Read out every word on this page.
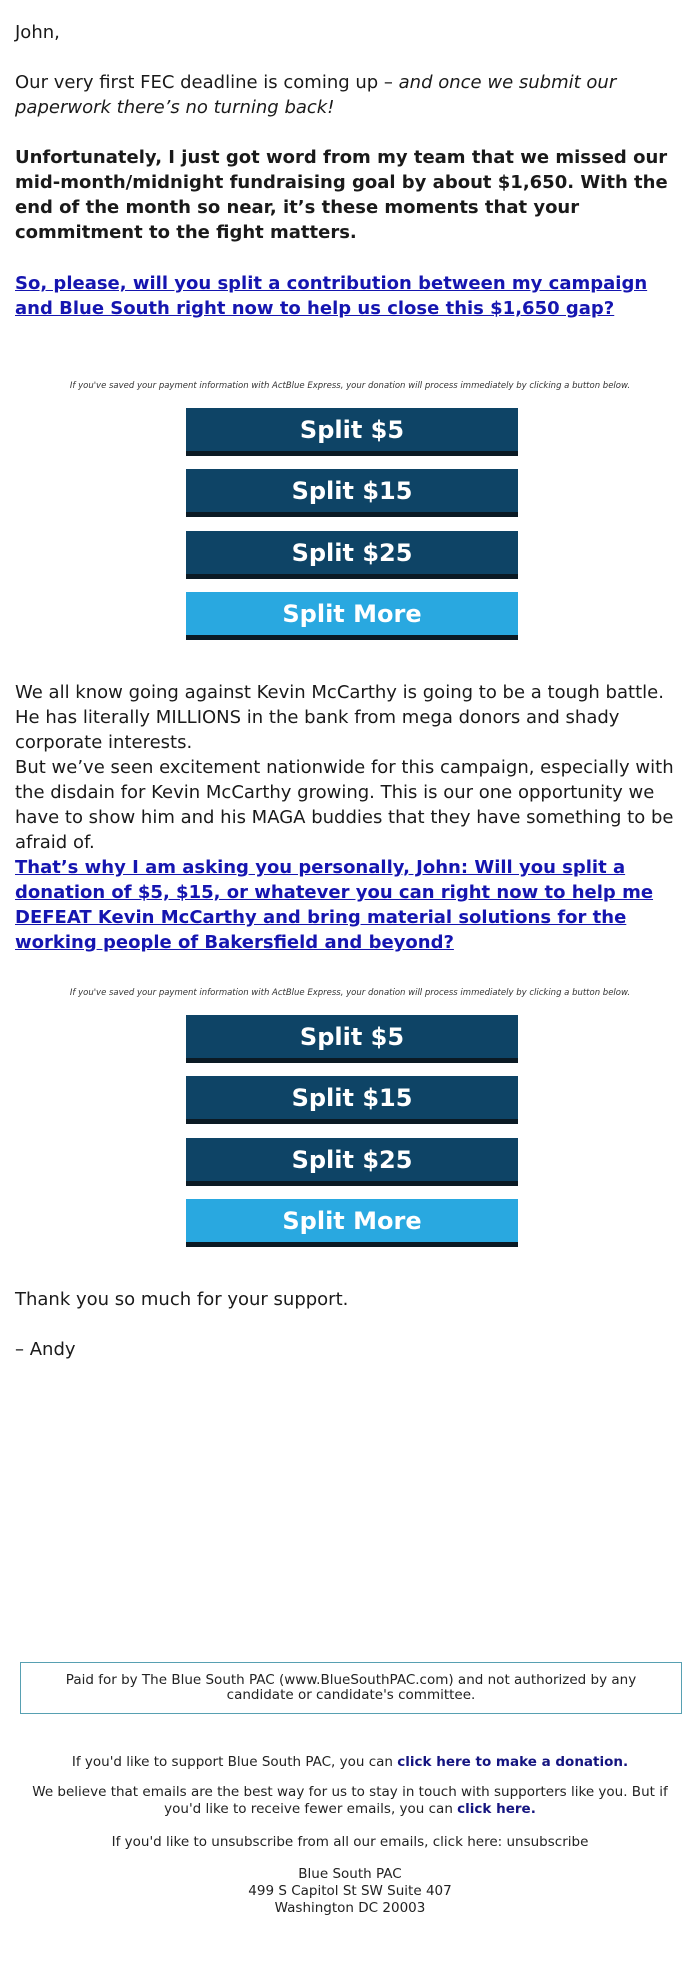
John,

Our very first FEC deadline is coming up – and once we submit our paperwork there’s no turning back!

Unfortunately, I just got word from my team that we missed our mid-month/midnight fundraising goal by about $1,650. With the end of the month so near, it’s these moments that your commitment to the fight matters.

So, please, will you split a contribution between my campaign and Blue South right now to help us close this $1,650 gap?

If you've saved your payment information with ActBlue Express, your donation will process immediately by clicking a button below.

Split $5
Split $15
Split $25
Split More

We all know going against Kevin McCarthy is going to be a tough battle. He has literally MILLIONS in the bank from mega donors and shady corporate interests.

But we’ve seen excitement nationwide for this campaign, especially with the disdain for Kevin McCarthy growing. This is our one opportunity we have to show him and his MAGA buddies that they have something to be afraid of.

That’s why I am asking you personally, John: Will you split a donation of $5, $15, or whatever you can right now to help me DEFEAT Kevin McCarthy and bring material solutions for the working people of Bakersfield and beyond?

If you've saved your payment information with ActBlue Express, your donation will process immediately by clicking a button below.

Split $5
Split $15
Split $25
Split More

Thank you so much for your support.

– Andy

Paid for by The Blue South PAC (www.BlueSouthPAC.com) and not authorized by any candidate or candidate's committee.

If you'd like to support Blue South PAC, you can click here to make a donation.

We believe that emails are the best way for us to stay in touch with supporters like you. But if you'd like to receive fewer emails, you can click here.

If you'd like to unsubscribe from all our emails, click here: unsubscribe

Blue South PAC
499 S Capitol St SW Suite 407
Washington DC 20003
